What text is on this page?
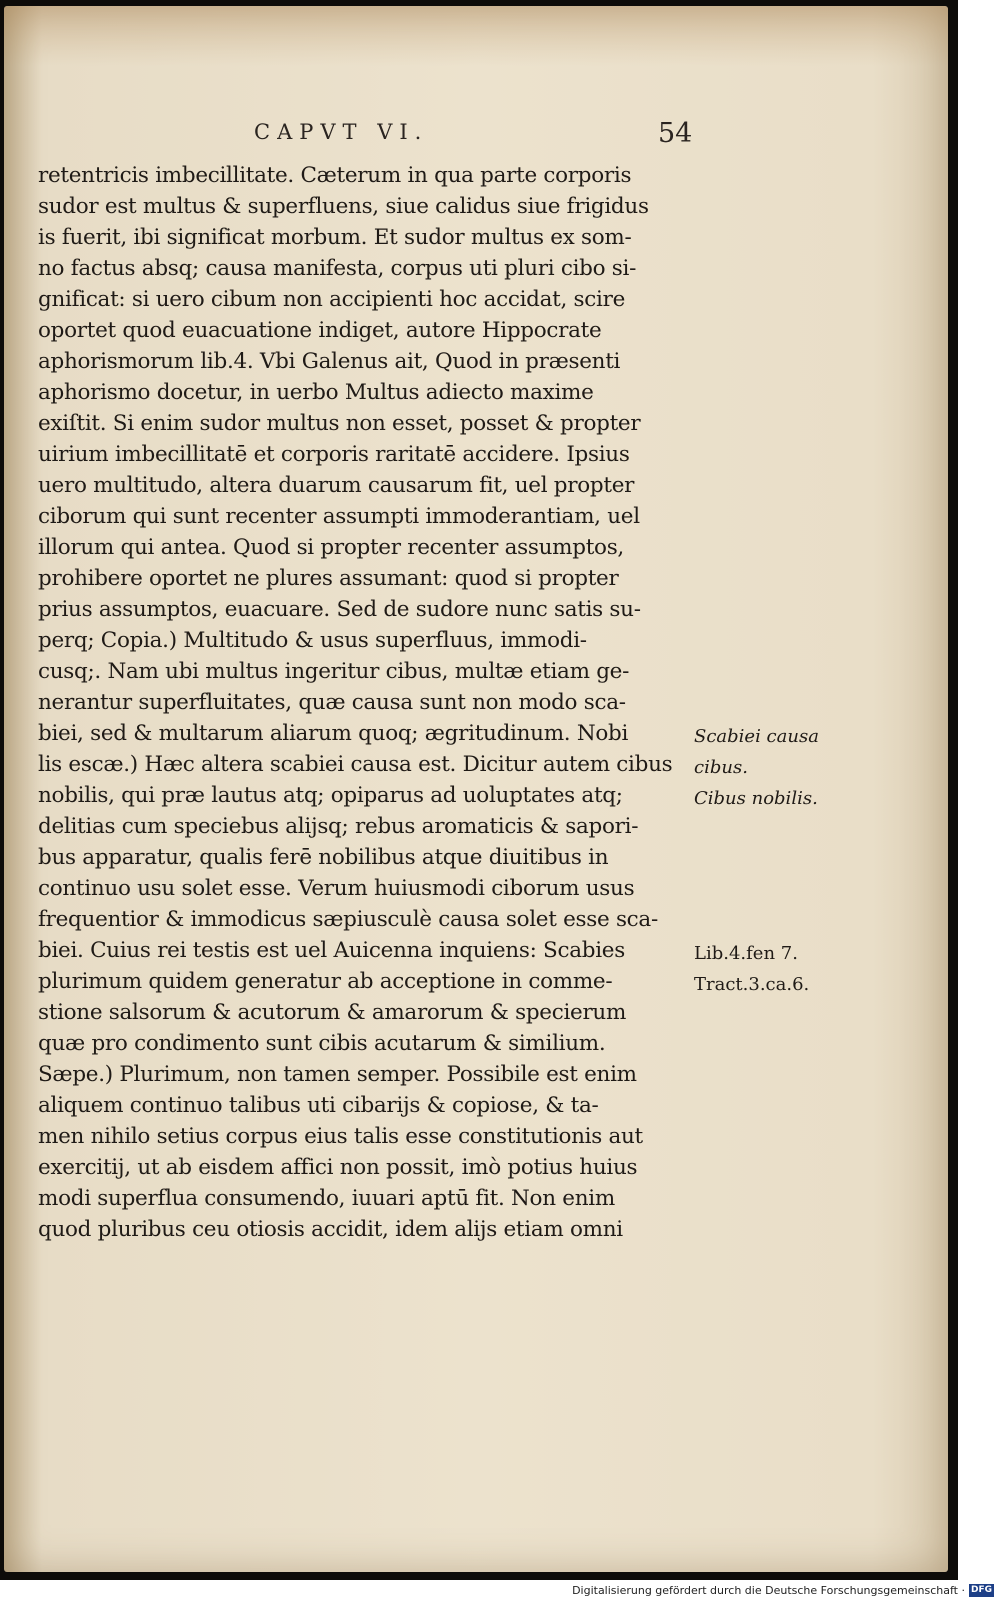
CAPVT VI.	54
retentricis imbecillitate. Cæterum in qua parte corporis
sudor est multus & superfluens, siue calidus siue frigidus
is fuerit, ibi significat morbum. Et sudor multus ex som-
no factus absq; causa manifesta, corpus uti pluri cibo si-
gnificat: si uero cibum non accipienti hoc accidat, scire
oportet quod euacuatione indiget, autore Hippocrate
aphorismorum lib.4. Vbi Galenus ait, Quod in præsenti
aphorismo docetur, in uerbo Multus adiecto maxime
exiſtit. Si enim sudor multus non esset, posset & propter
uirium imbecillitatē et corporis raritatē accidere. Ipsius
uero multitudo, altera duarum causarum fit, uel propter
ciborum qui sunt recenter assumpti immoderantiam, uel
illorum qui antea. Quod si propter recenter assumptos,
prohibere oportet ne plures assumant: quod si propter
prius assumptos, euacuare. Sed de sudore nunc satis su-
perq; Copia.) Multitudo & usus superfluus, immodi-
cusq;. Nam ubi multus ingeritur cibus, multæ etiam ge-
nerantur superfluitates, quæ causa sunt non modo sca-
biei, sed & multarum aliarum quoq; ægritudinum. Nobi
lis escæ.) Hæc altera scabiei causa est. Dicitur autem cibus
nobilis, qui præ lautus atq; opiparus ad uoluptates atq;
delitias cum speciebus alijsq; rebus aromaticis & sapori-
bus apparatur, qualis ferē nobilibus atque diuitibus in
continuo usu solet esse. Verum huiusmodi ciborum usus
frequentior & immodicus sæpiusculè causa solet esse sca-
biei. Cuius rei testis est uel Auicenna inquiens: Scabies
plurimum quidem generatur ab acceptione in comme-
stione salsorum & acutorum & amarorum & specierum
quæ pro condimento sunt cibis acutarum & similium.
Sæpe.) Plurimum, non tamen semper. Possibile est enim
aliquem continuo talibus uti cibarijs & copiose, & ta-
men nihilo setius corpus eius talis esse constitutionis aut
exercitij, ut ab eisdem affici non possit, imò potius huius
modi superflua consumendo, iuuari aptū fit. Non enim
quod pluribus ceu otiosis accidit, idem alijs etiam omni
Scabiei causa
cibus.
Cibus nobilis.
Lib.4.fen 7.
Tract.3.ca.6.
Digitalisierung gefördert durch die Deutsche Forschungsgemeinschaft · DFG
